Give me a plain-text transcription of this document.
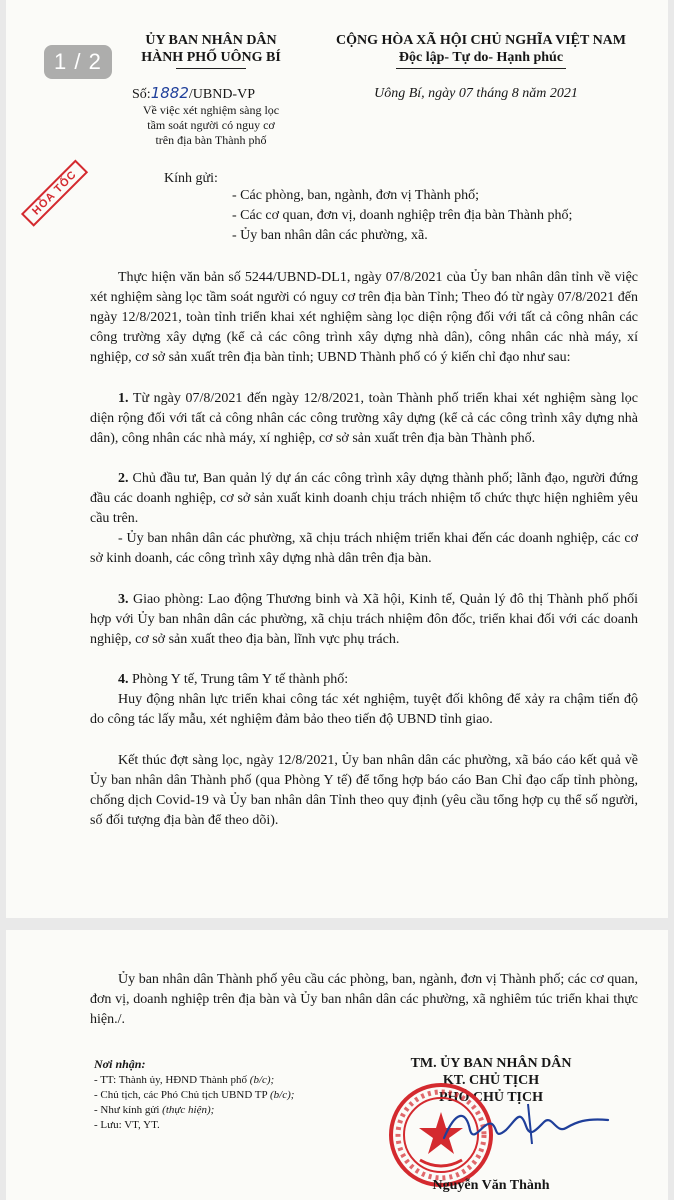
ỦY BAN NHÂN DÂN
HÀNH PHỐ UÔNG BÍ
CỘNG HÒA XÃ HỘI CHỦ NGHĨA VIỆT NAM
Độc lập- Tự do- Hạnh phúc
Số:1882/UBND-VP
Về việc xét nghiệm sàng lọc
tầm soát người có nguy cơ
trên địa bàn Thành phố
Uông Bí, ngày 07 tháng 8 năm 2021
HỎA TỐC	Kính gửi:
- Các phòng, ban, ngành, đơn vị Thành phố;
- Các cơ quan, đơn vị, doanh nghiệp trên địa bàn Thành phố;
- Ủy ban nhân dân các phường, xã.

Thực hiện văn bản số 5244/UBND-DL1, ngày 07/8/2021 của Ủy ban nhân dân tỉnh về việc xét nghiệm sàng lọc tầm soát người có nguy cơ trên địa bàn Tỉnh; Theo đó từ ngày 07/8/2021 đến ngày 12/8/2021, toàn tỉnh triển khai xét nghiệm sàng lọc diện rộng đối với tất cả công nhân các công trường xây dựng (kể cả các công trình xây dựng nhà dân), công nhân các nhà máy, xí nghiệp, cơ sở sản xuất trên địa bàn tỉnh; UBND Thành phố có ý kiến chỉ đạo như sau:

1. Từ ngày 07/8/2021 đến ngày 12/8/2021, toàn Thành phố triển khai xét nghiệm sàng lọc diện rộng đối với tất cả công nhân các công trường xây dựng (kể cả các công trình xây dựng nhà dân), công nhân các nhà máy, xí nghiệp, cơ sở sản xuất trên địa bàn Thành phố.

2. Chủ đầu tư, Ban quản lý dự án các công trình xây dựng thành phố; lãnh đạo, người đứng đầu các doanh nghiệp, cơ sở sản xuất kinh doanh chịu trách nhiệm tổ chức thực hiện nghiêm yêu cầu trên.

- Ủy ban nhân dân các phường, xã chịu trách nhiệm triển khai đến các doanh nghiệp, các cơ sở kinh doanh, các công trình xây dựng nhà dân trên địa bàn.

3. Giao phòng: Lao động Thương binh và Xã hội, Kinh tế, Quản lý đô thị Thành phố phối hợp với Ủy ban nhân dân các phường, xã chịu trách nhiệm đôn đốc, triển khai đối với các doanh nghiệp, cơ sở sản xuất theo địa bàn, lĩnh vực phụ trách.

4. Phòng Y tế, Trung tâm Y tế thành phố:

Huy động nhân lực triển khai công tác xét nghiệm, tuyệt đối không để xảy ra chậm tiến độ do công tác lấy mẫu, xét nghiệm đảm bảo theo tiến độ UBND tỉnh giao.

Kết thúc đợt sàng lọc, ngày 12/8/2021, Ủy ban nhân dân các phường, xã báo cáo kết quả về Ủy ban nhân dân Thành phố (qua Phòng Y tế) để tổng hợp báo cáo Ban Chỉ đạo cấp tỉnh phòng, chống dịch Covid-19 và Ủy ban nhân dân Tỉnh theo quy định (yêu cầu tổng hợp cụ thể số người, số đối tượng địa bàn để theo dõi).

1 / 2

Ủy ban nhân dân Thành phố yêu cầu các phòng, ban, ngành, đơn vị Thành phố; các cơ quan, đơn vị, doanh nghiệp trên địa bàn và Ủy ban nhân dân các phường, xã nghiêm túc triển khai thực hiện./.

Nơi nhận:
- TT: Thành ủy, HĐND Thành phố (b/c);
- Chủ tịch, các Phó Chủ tịch UBND TP (b/c);
- Như kính gửi (thực hiện);
- Lưu: VT, YT.
TM. ỦY BAN NHÂN DÂN
KT. CHỦ TỊCH
PHÓ CHỦ TỊCH
Nguyễn Văn Thành
